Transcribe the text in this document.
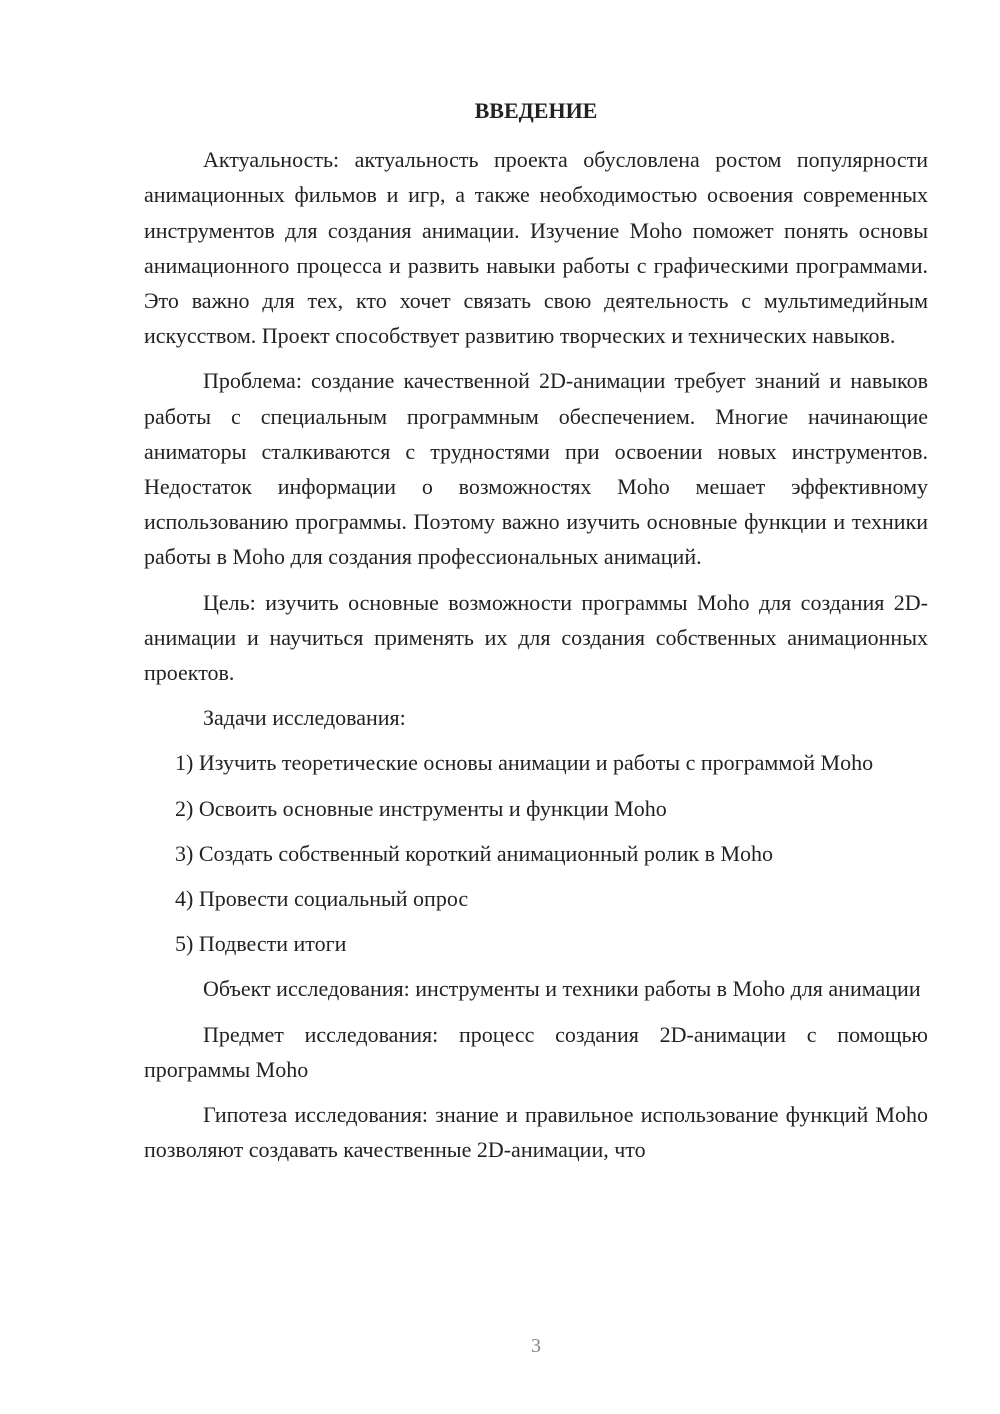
ВВЕДЕНИЕ

Актуальность: актуальность проекта обусловлена ростом популярности анимационных фильмов и игр, а также необходимостью освоения современных инструментов для создания анимации. Изучение Moho поможет понять основы анимационного процесса и развить навыки работы с графическими программами. Это важно для тех, кто хочет связать свою деятельность с мультимедийным искусством. Проект способствует развитию творческих и технических навыков.

Проблема: создание качественной 2D-анимации требует знаний и навыков работы с специальным программным обеспечением. Многие начинающие аниматоры сталкиваются с трудностями при освоении новых инструментов. Недостаток информации о возможностях Moho мешает эффективному использованию программы. Поэтому важно изучить основные функции и техники работы в Moho для создания профессиональных анимаций.

Цель: изучить основные возможности программы Moho для создания 2D-анимации и научиться применять их для создания собственных анимационных проектов.

Задачи исследования:

1) Изучить теоретические основы анимации и работы с программой Moho

2) Освоить основные инструменты и функции Moho

3) Создать собственный короткий анимационный ролик в Moho

4) Провести социальный опрос

5) Подвести итоги

Объект исследования: инструменты и техники работы в Moho для анимации

Предмет исследования: процесс создания 2D-анимации с помощью программы Moho

Гипотеза исследования: знание и правильное использование функций Moho позволяют создавать качественные 2D-анимации, что

3
